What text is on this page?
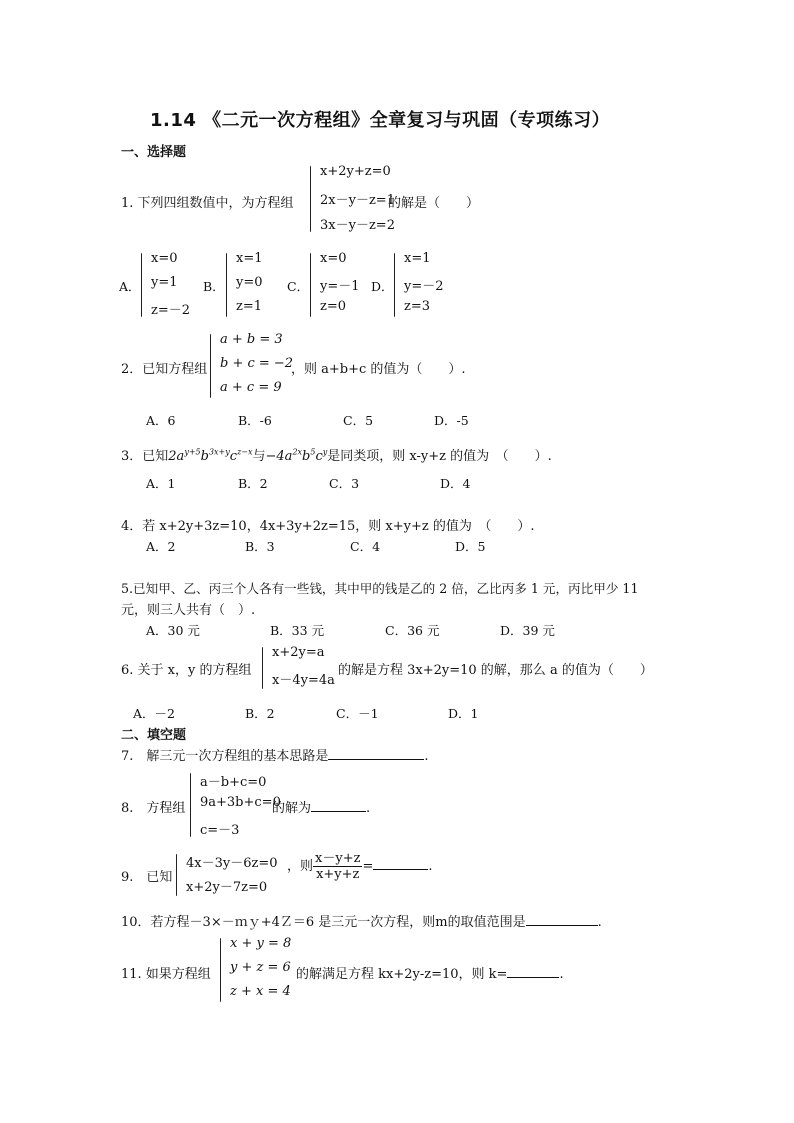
1.14 《二元一次方程组》全章复习与巩固（专项练习）
一、选择题
1. 下列四组数值中，为方程组
x+2y+z=0
2x－y－z=1
3x－y－z=2
的解是（　　）
A．
x=0
y=1
z=－2
B．
x=1
y=0
z=1
C．
x=0
y=－1
z=0
D．
x=1
y=－2
z=3
2．已知方程组
a + b = 3
b + c = −2
a + c = 9
，则 a+b+c 的值为（　　）.
A．6	B．-6	C．5	D．-5
3．已知$2a^{y+5}b^{3x+y}c^{z-x}$与$-4a^{2x}b^5c^y$是同类项，则 x-y+z 的值为　（　　）.
A．1	B．2	C．3	D．4
4．若 x+2y+3z=10，4x+3y+2z=15，则 x+y+z 的值为　（　　）.
A．2	B．3	C．4	D．5
5.已知甲、乙、丙三个人各有一些钱，其中甲的钱是乙的 2 倍，乙比丙多 1 元，丙比甲少 11
元，则三人共有（　）.
A．30 元	B．33 元	C．36 元	D．39 元
6. 关于 x，y 的方程组
x+2y=a
x－4y=4a
的解是方程 3x+2y=10 的解，那么 a 的值为（　　）
A．－2	B．2	C．－1	D．1
二、填空题
7.　解三元一次方程组的基本思路是	.
8.　方程组
a－b+c=0
9a+3b+c=0
c=－3
的解为	.
9.　已知
4x－3y－6z=0
x+2y－7z=0
，则 $\frac{x-y+z}{x+y+z}$ =	.
10．若方程－3×－ｍｙ+4Ｚ＝6 是三元一次方程，则m的取值范围是	.
11. 如果方程组
x + y = 8
y + z = 6
z + x = 4
的解满足方程 kx+2y-z=10，则 k=	.
